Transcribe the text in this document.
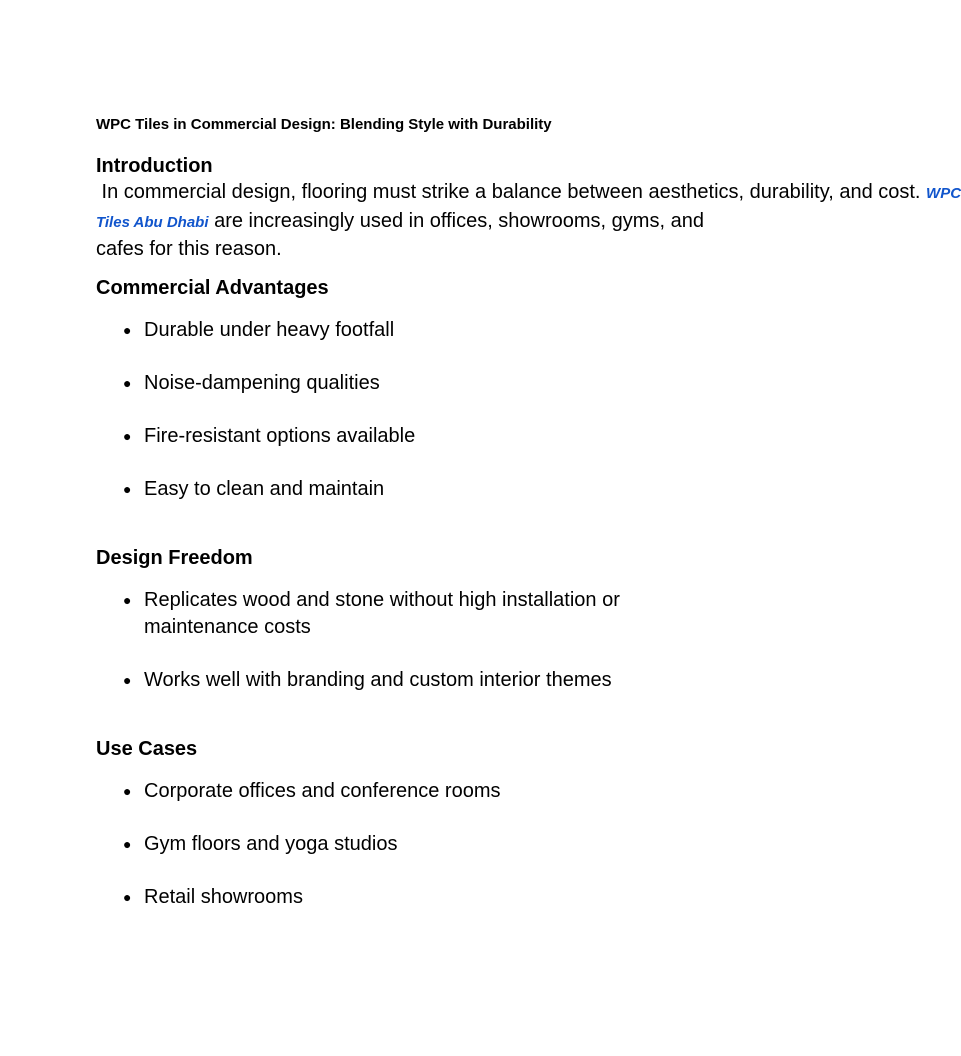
WPC Tiles in Commercial Design: Blending Style with Durability
Introduction

In commercial design, flooring must strike a balance between aesthetics, durability, and cost. WPC Tiles Abu Dhabi are increasingly used in offices, showrooms, gyms, and cafes for this reason.

Commercial Advantages
● Durable under heavy footfall
● Noise-dampening qualities
● Fire-resistant options available
● Easy to clean and maintain
Design Freedom
● Replicates wood and stone without high installation or maintenance costs
● Works well with branding and custom interior themes
Use Cases
● Corporate offices and conference rooms
● Gym floors and yoga studios
● Retail showrooms
